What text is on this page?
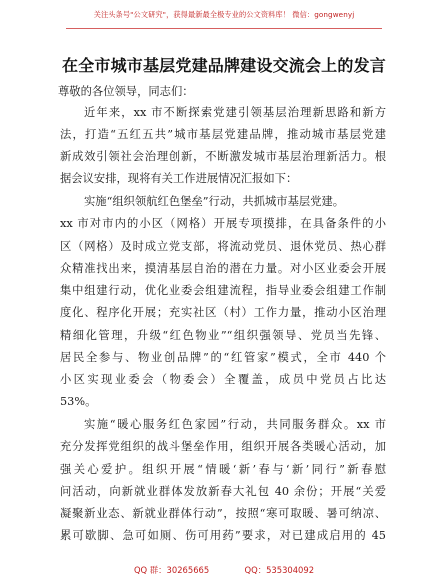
关注头条号"公文研究"，获得最新最全极专业的公文资料库！ 微信：gongwenyj
在全市城市基层党建品牌建设交流会上的发言
尊敬的各位领导，同志们：
近年来，xx 市不断探索党建引领基层治理新思路和新方
法，打造“五红五共”城市基层党建品牌，推动城市基层党建
新成效引领社会治理创新，不断激发城市基层治理新活力。根
据会议安排，现将有关工作进展情况汇报如下：
实施“组织领航红色堡垒”行动，共抓城市基层党建。
xx 市对市内的小区（网格）开展专项摸排，在具备条件的小
区（网格）及时成立党支部，将流动党员、退休党员、热心群
众精准找出来，摸清基层自治的潜在力量。对小区业委会开展
集中组建行动，优化业委会组建流程，指导业委会组建工作制
度化、程序化开展；充实社区（村）工作力量，推动小区治理
精细化管理，升级“红色物业”“组织强领导、党员当先锋、
居民全参与、物业创品牌”的“红管家”模式，全市 440 个
小区实现业委会（物委会）全覆盖，成员中党员占比达
53%。
实施“暖心服务红色家园”行动，共同服务群众。xx 市
充分发挥党组织的战斗堡垒作用，组织开展各类暖心活动，加
强关心爱护。组织开展“情暖‘新’春与‘新’同行”新春慰
问活动，向新就业群体发放新春大礼包 40 余份；开展“关爱
凝聚新业态、新就业群体行动”，按照“寒可取暖、暑可纳凉、
累可歇脚、急可如厕、伤可用药”要求，对已建成启用的 45
QQ 群：30265665	QQ：535304092
